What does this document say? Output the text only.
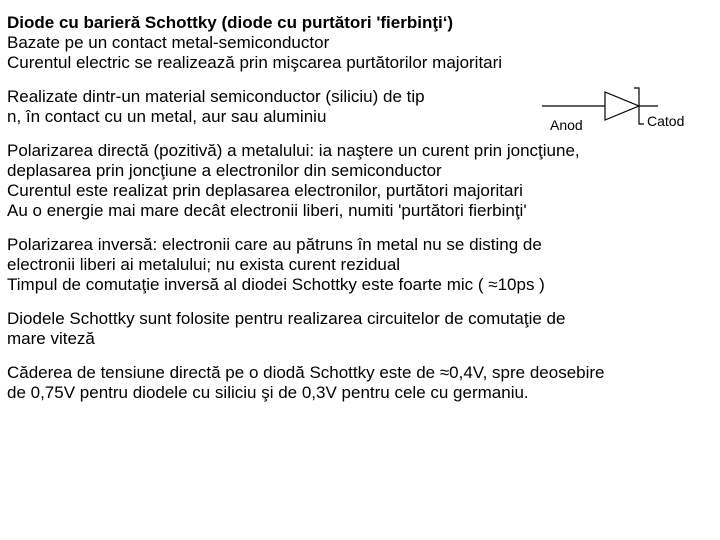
Diode cu barieră Schottky (diode cu purtători 'fierbinţi‘)
Bazate pe un contact metal-semiconductor
Curentul electric se realizează prin mişcarea purtătorilor majoritari
Realizate dintr-un material semiconductor (siliciu) de tip
n, în contact cu un metal, aur sau aluminiu	Anod	Catod
Polarizarea directă (pozitivă) a metalului: ia naştere un curent prin joncţiune,
deplasarea prin joncţiune a electronilor din semiconductor
Curentul este realizat prin deplasarea electronilor, purtători majoritari
Au o energie mai mare decât electronii liberi, numiti 'purtători fierbinţi'
Polarizarea inversă: electronii care au pătruns în metal nu se disting de
electronii liberi ai metalului; nu exista curent rezidual
Timpul de comutaţie inversă al diodei Schottky este foarte mic ( ≈10ps )
Diodele Schottky sunt folosite pentru realizarea circuitelor de comutaţie de
mare viteză
Căderea de tensiune directă pe o diodă Schottky este de ≈0,4V, spre deosebire
de 0,75V pentru diodele cu siliciu şi de 0,3V pentru cele cu germaniu.
